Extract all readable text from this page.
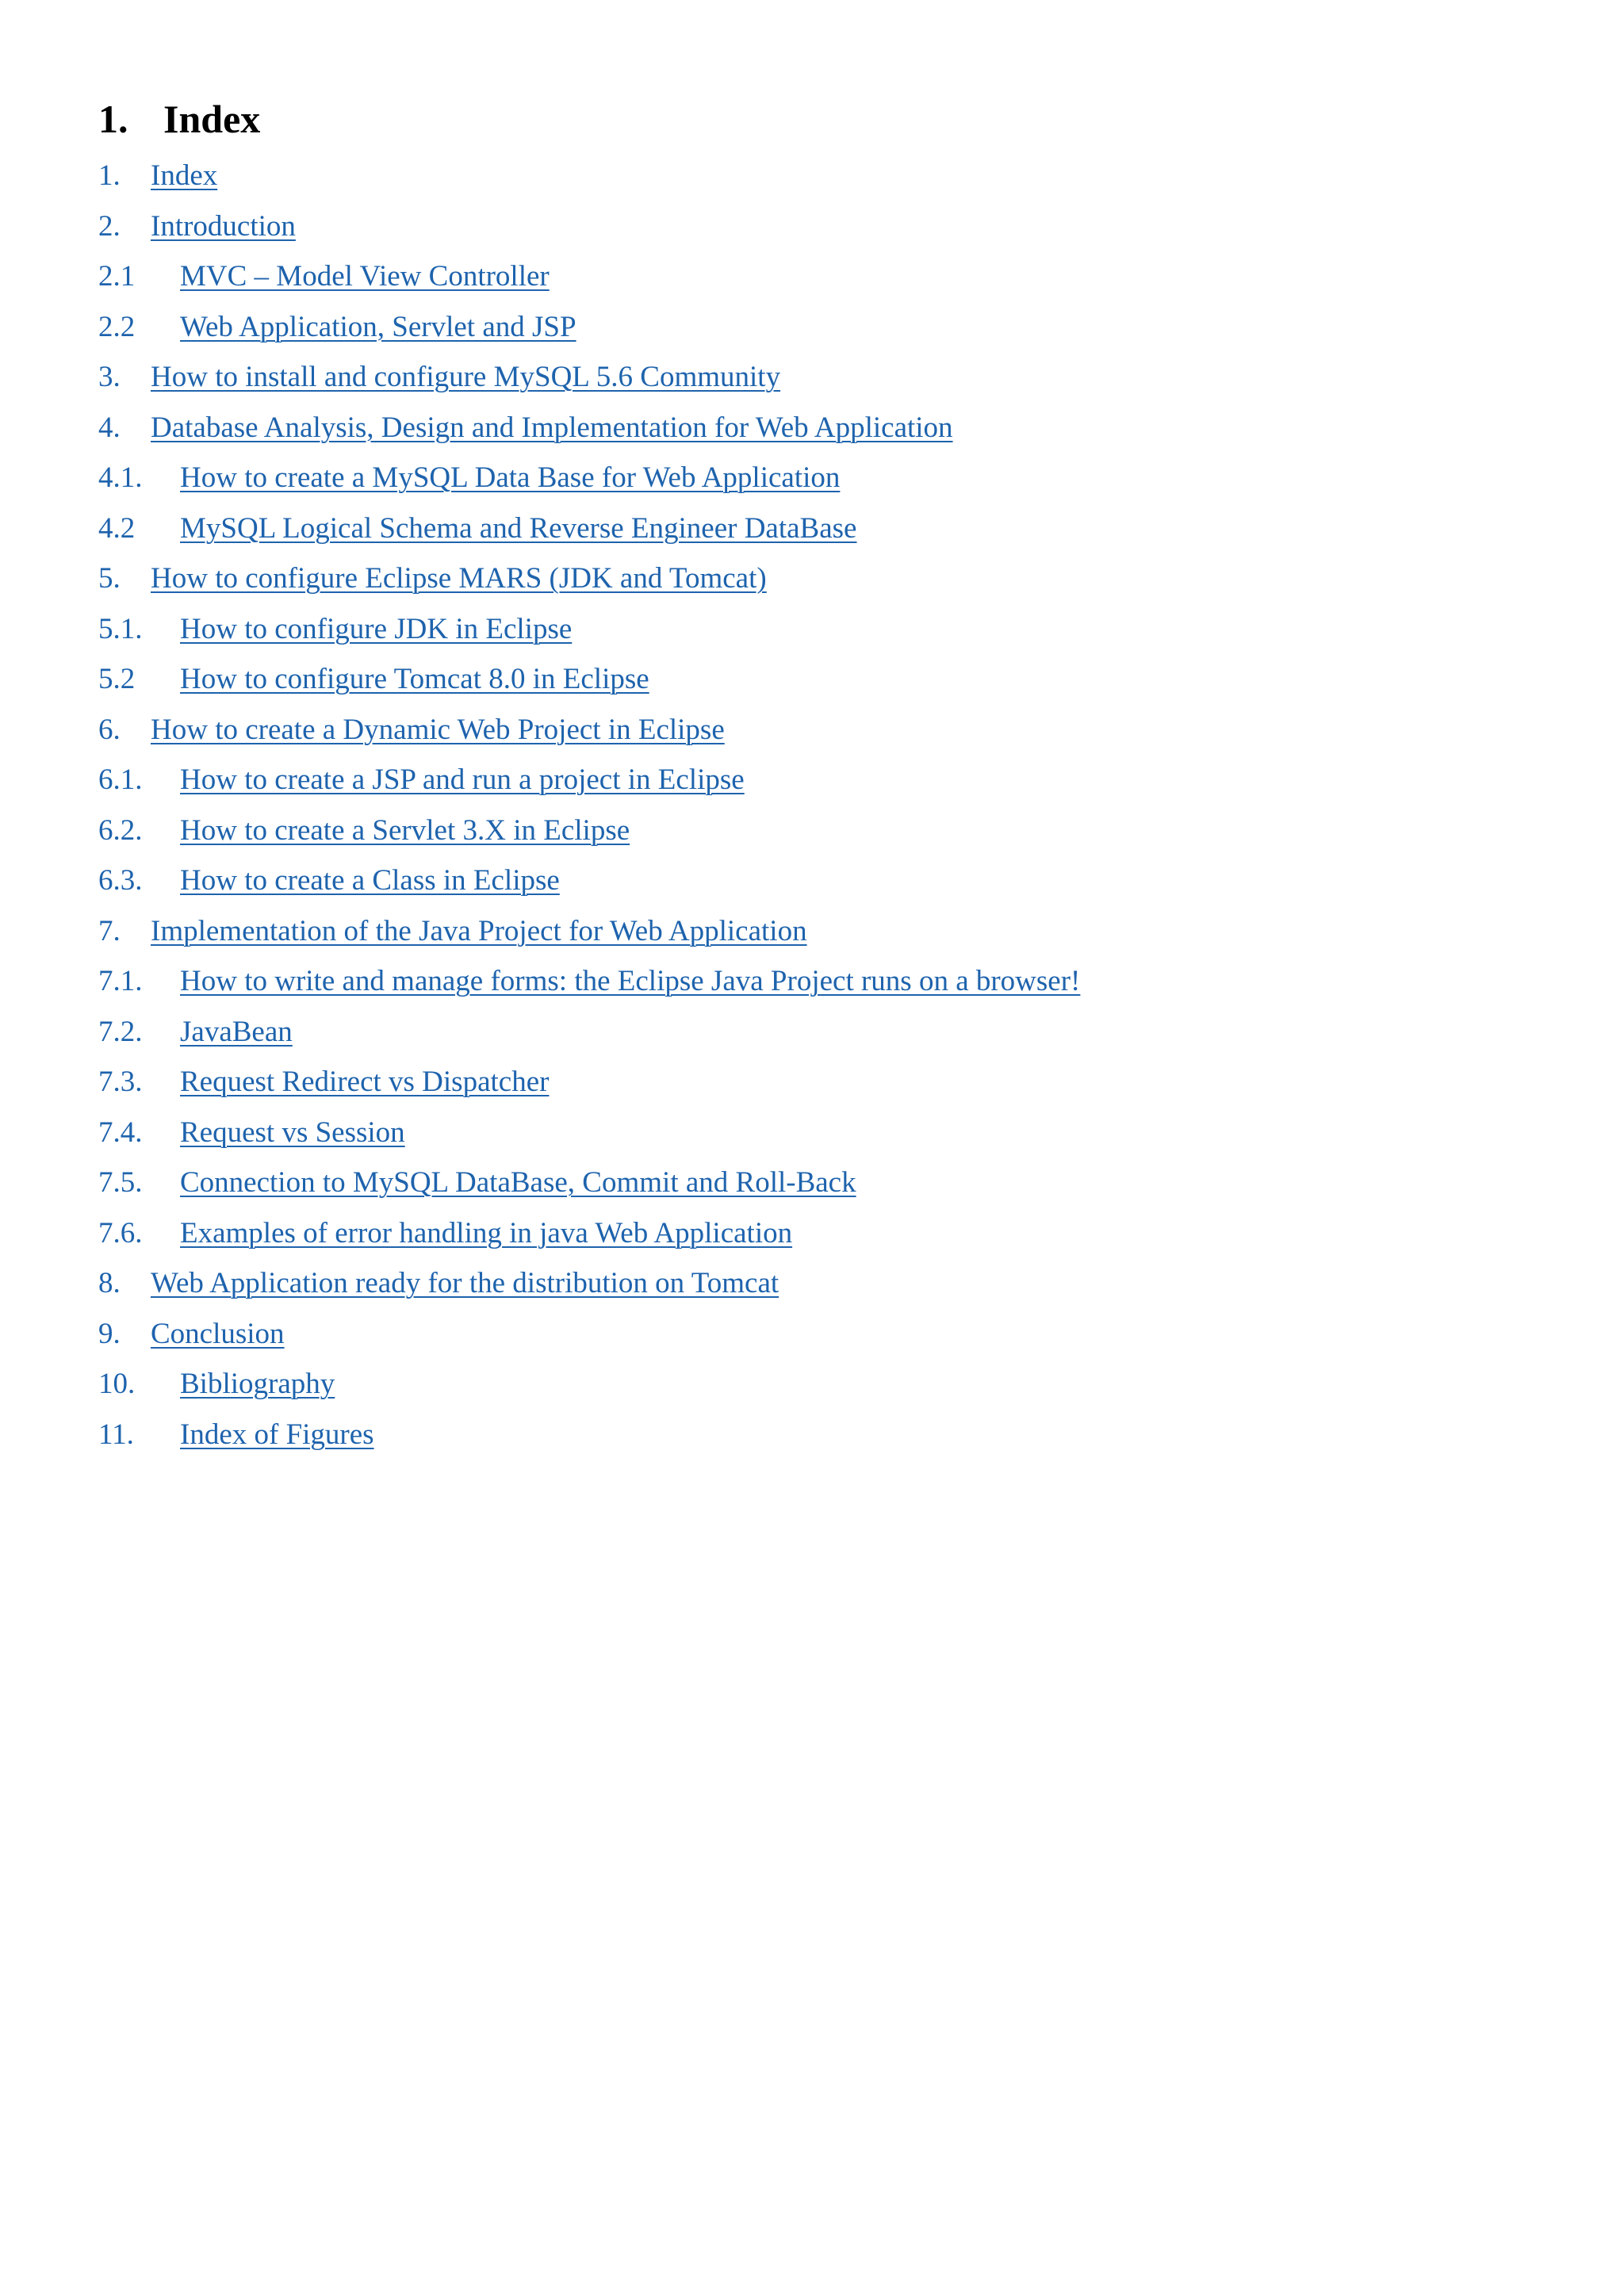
1. Index
1. Index
2. Introduction
2.1 MVC – Model View Controller
2.2 Web Application, Servlet and JSP
3. How to install and configure MySQL 5.6 Community
4. Database Analysis, Design and Implementation for Web Application
4.1. How to create a MySQL Data Base for Web Application
4.2 MySQL Logical Schema and Reverse Engineer DataBase
5. How to configure Eclipse MARS (JDK and Tomcat)
5.1. How to configure JDK in Eclipse
5.2 How to configure Tomcat 8.0 in Eclipse
6. How to create a Dynamic Web Project in Eclipse
6.1. How to create a JSP and run a project in Eclipse
6.2. How to create a Servlet 3.X in Eclipse
6.3. How to create a Class in Eclipse
7. Implementation of the Java Project for Web Application
7.1. How to write and manage forms: the Eclipse Java Project runs on a browser!
7.2. JavaBean
7.3. Request Redirect vs Dispatcher
7.4. Request vs Session
7.5. Connection to MySQL DataBase, Commit and Roll-Back
7.6. Examples of error handling in java Web Application
8. Web Application ready for the distribution on Tomcat
9. Conclusion
10. Bibliography
11. Index of Figures
